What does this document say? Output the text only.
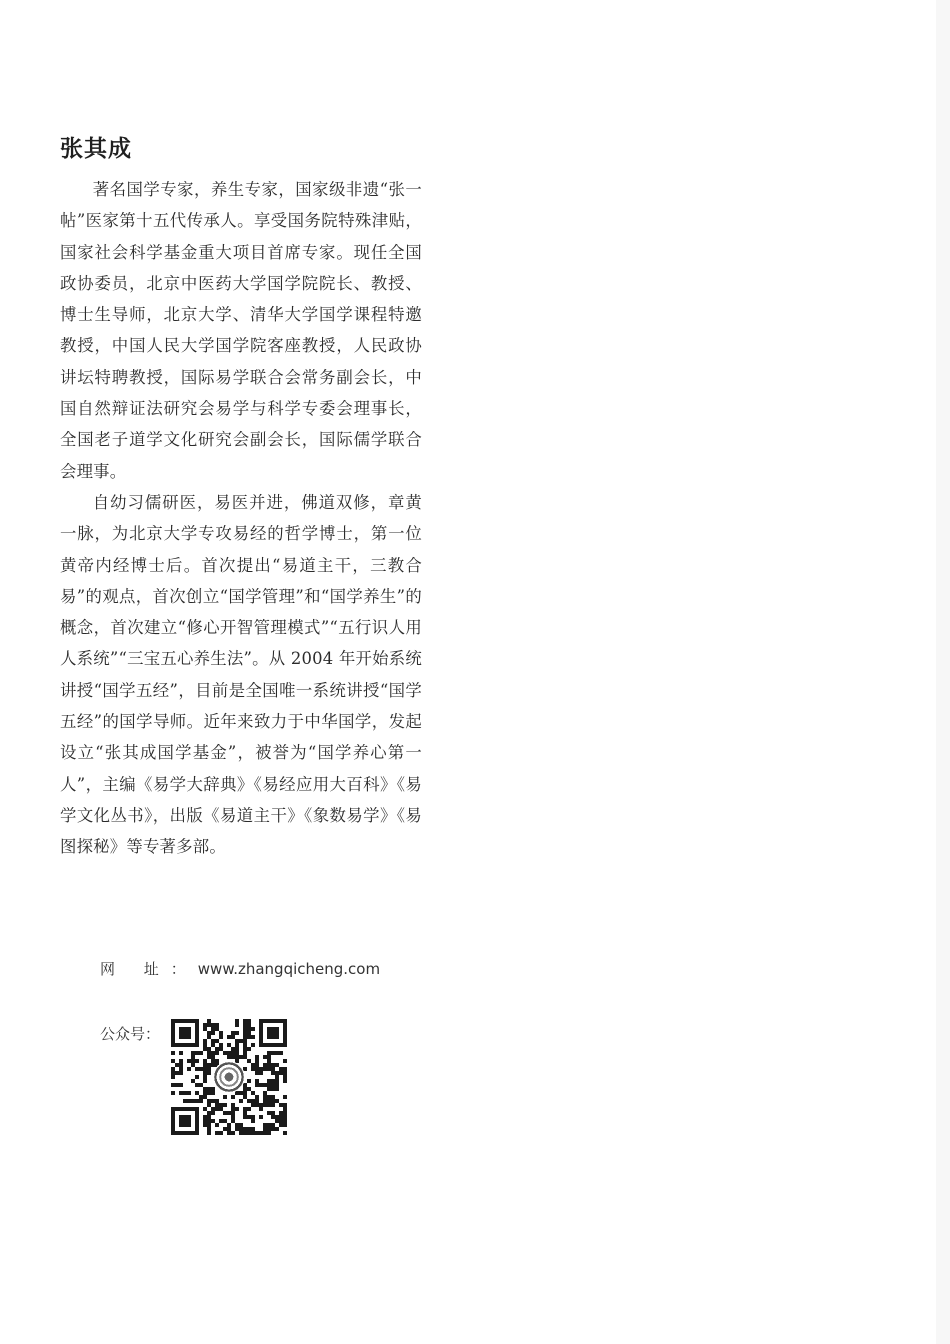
张其成

著名国学专家，养生专家，国家级非遗“张一帖”医家第十五代传承人。享受国务院特殊津贴，国家社会科学基金重大项目首席专家。现任全国政协委员，北京中医药大学国学院院长、教授、博士生导师，北京大学、清华大学国学课程特邀教授，中国人民大学国学院客座教授，人民政协讲坛特聘教授，国际易学联合会常务副会长，中国自然辩证法研究会易学与科学专委会理事长，全国老子道学文化研究会副会长，国际儒学联合会理事。

自幼习儒研医，易医并进，佛道双修，章黄一脉，为北京大学专攻易经的哲学博士，第一位黄帝内经博士后。首次提出“易道主干，三教合易”的观点，首次创立“国学管理”和“国学养生”的概念，首次建立“修心开智管理模式”“五行识人用人系统”“三宝五心养生法”。从 2004 年开始系统讲授“国学五经”，目前是全国唯一系统讲授“国学五经”的国学导师。近年来致力于中华国学，发起设立“张其成国学基金”，被誉为“国学养心第一人”，主编《易学大辞典》《易经应用大百科》《易学文化丛书》，出版《易道主干》《象数易学》《易图探秘》等专著多部。

网 址：www.zhangqicheng.com
公众号：
